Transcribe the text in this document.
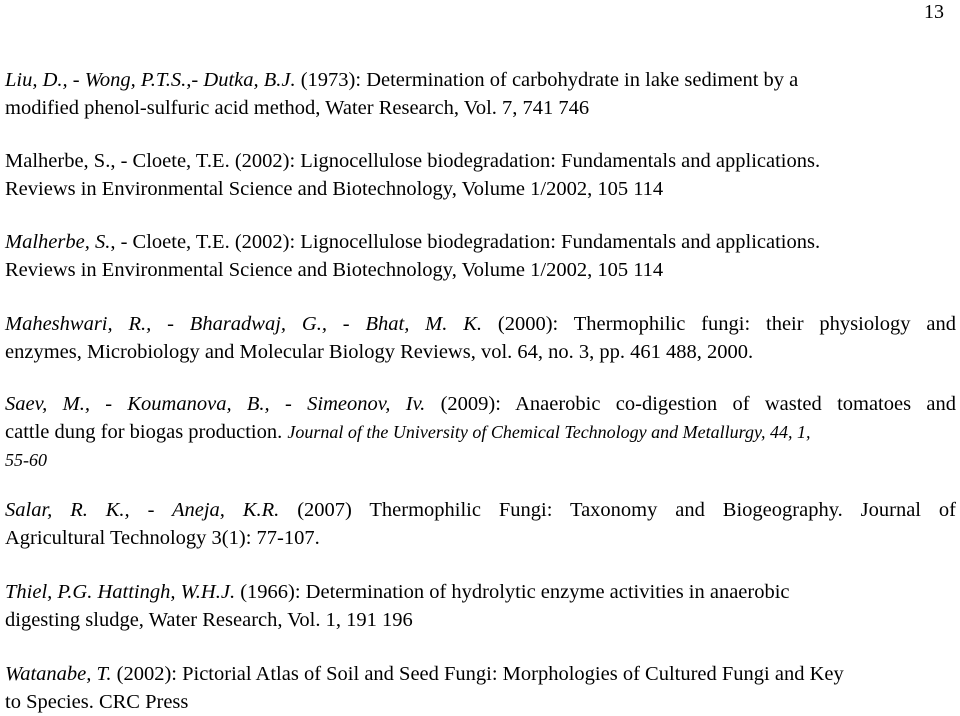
13
Liu, D., - Wong, P.T.S.,- Dutka, B.J. (1973): Determination of carbohydrate in lake sediment by a
modified phenol-sulfuric acid method, Water Research, Vol. 7, 741 746
Malherbe, S., - Cloete, T.E. (2002): Lignocellulose biodegradation: Fundamentals and applications.
Reviews in Environmental Science and Biotechnology, Volume 1/2002, 105 114
Malherbe, S., - Cloete, T.E. (2002): Lignocellulose biodegradation: Fundamentals and applications.
Reviews in Environmental Science and Biotechnology, Volume 1/2002, 105 114
Maheshwari, R., - Bharadwaj, G., - Bhat, M. K. (2000): Thermophilic fungi: their physiology and
enzymes, Microbiology and Molecular Biology Reviews, vol. 64, no. 3, pp. 461 488, 2000.
Saev, M., - Koumanova, B., - Simeonov, Iv. (2009): Anaerobic co-digestion of wasted tomatoes and
cattle dung for biogas production. Journal of the University of Chemical Technology and Metallurgy, 44, 1,
55-60
Salar, R. K., - Aneja, K.R. (2007) Thermophilic Fungi: Taxonomy and Biogeography. Journal of
Agricultural Technology 3(1): 77-107.
Thiel, P.G. Hattingh, W.H.J. (1966): Determination of hydrolytic enzyme activities in anaerobic
digesting sludge, Water Research, Vol. 1, 191 196
Watanabe, T. (2002): Pictorial Atlas of Soil and Seed Fungi: Morphologies of Cultured Fungi and Key
to Species. CRC Press
